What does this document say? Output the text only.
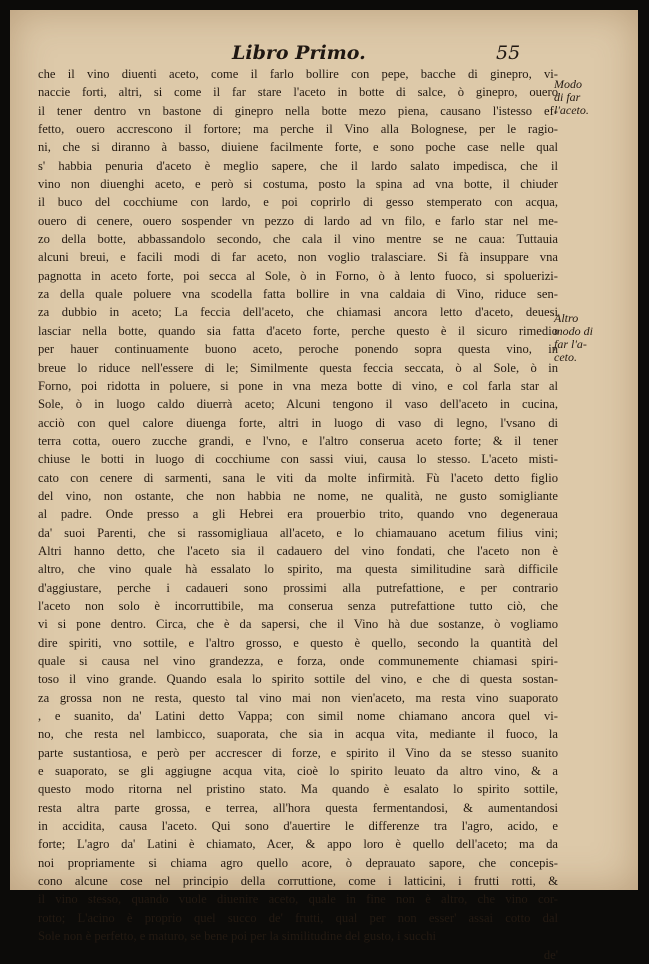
Libro Primo.	55
che il vino diuenti aceto, come il farlo bollire con pepe, bacche di ginepro, vi-
naccie forti, altri, si come il far stare l'aceto in botte di salce, ò ginepro, ouero
il tener dentro vn bastone di ginepro nella botte mezo piena, causano l'istesso ef-
fetto, ouero accrescono il fortore; ma perche il Vino alla Bolognese, per le ragio-
ni, che si diranno à basso, diuiene facilmente forte, e sono poche case nelle qual
s' habbia penuria d'aceto è meglio sapere, che il lardo salato impedisca, che il
vino non diuenghi aceto, e però si costuma, posto la spina ad vna botte, il chiuder
il buco del cocchiume con lardo, e poi coprirlo di gesso stemperato con acqua,
ouero di cenere, ouero sospender vn pezzo di lardo ad vn filo, e farlo star nel me-
zo della botte, abbassandolo secondo, che cala il vino mentre se ne caua: Tuttauia
alcuni breui, e facili modi di far aceto, non voglio tralasciare. Si fà insuppare vna
pagnotta in aceto forte, poi secca al Sole, ò in Forno, ò à lento fuoco, si spoluerizi-
za della quale poluere vna scodella fatta bollire in vna caldaia di Vino, riduce sen-
za dubbio in aceto; La feccia dell'aceto, che chiamasi ancora letto d'aceto, deuesi
lasciar nella botte, quando sia fatta d'aceto forte, perche questo è il sicuro rimedio
per hauer continuamente buono aceto, peroche ponendo sopra questa vino, in
breue lo riduce nell'essere di le; Similmente questa feccia seccata, ò al Sole, ò in
Forno, poi ridotta in poluere, si pone in vna meza botte di vino, e col farla star al
Sole, ò in luogo caldo diuerrà aceto; Alcuni tengono il vaso dell'aceto in cucina,
acciò con quel calore diuenga forte, altri in luogo di vaso di legno, l'vsano di
terra cotta, ouero zucche grandi, e l'vno, e l'altro conserua aceto forte; & il tener
chiuse le botti in luogo di cocchiume con sassi viui, causa lo stesso. L'aceto misti-
cato con cenere di sarmenti, sana le viti da molte infirmità. Fù l'aceto detto figlio
del vino, non ostante, che non habbia ne nome, ne qualità, ne gusto somigliante
al padre. Onde presso a gli Hebrei era prouerbio trito, quando vno degeneraua
da' suoi Parenti, che si rassomigliaua all'aceto, e lo chiamauano acetum filius vini;
Altri hanno detto, che l'aceto sia il cadauero del vino fondati, che l'aceto non è
altro, che vino quale hà essalato lo spirito, ma questa similitudine sarà difficile
d'aggiustare, perche i cadaueri sono prossimi alla putrefattione, e per contrario
l'aceto non solo è incorruttibile, ma conserua senza putrefattione tutto ciò, che
vi si pone dentro. Circa, che è da sapersi, che il Vino hà due sostanze, ò vogliamo
dire spiriti, vno sottile, e l'altro grosso, e questo è quello, secondo la quantità del
quale si causa nel vino grandezza, e forza, onde communemente chiamasi spiri-
toso il vino grande. Quando esala lo spirito sottile del vino, e che di questa sostan-
za grossa non ne resta, questo tal vino mai non vien'aceto, ma resta vino suaporato
, e suanito, da' Latini detto Vappa; con simil nome chiamano ancora quel vi-
no, che resta nel lambicco, suaporata, che sia in acqua vita, mediante il fuoco, la
parte sustantiosa, e però per accrescer di forze, e spirito il Vino da se stesso suanito
e suaporato, se gli aggiugne acqua vita, cioè lo spirito leuato da altro vino, & a
questo modo ritorna nel pristino stato. Ma quando è esalato lo spirito sottile,
resta altra parte grossa, e terrea, all'hora questa fermentandosi, & aumentandosi
in accidita, causa l'aceto. Qui sono d'auertire le differenze tra l'agro, acido, e
forte; L'agro da' Latini è chiamato, Acer, & appo loro è quello dell'aceto; ma da
noi propriamente si chiama agro quello acore, ò deprauato sapore, che concepis-
cono alcune cose nel principio della corruttione, come i latticini, i frutti rotti, &
il vino stesso, quando vuole diuenire aceto, quale in fine non è altro, che vino cor-
rotto; L'acino è proprio quel succo de' frutti, qual per non esser' assai cotto dal
Sole non è perfetto, e maturo, se bene poi per la similitudine del gusto, i succhi
de'
Modo
di far
l'aceto.
Altro
modo di
far l'a-
ceto.
